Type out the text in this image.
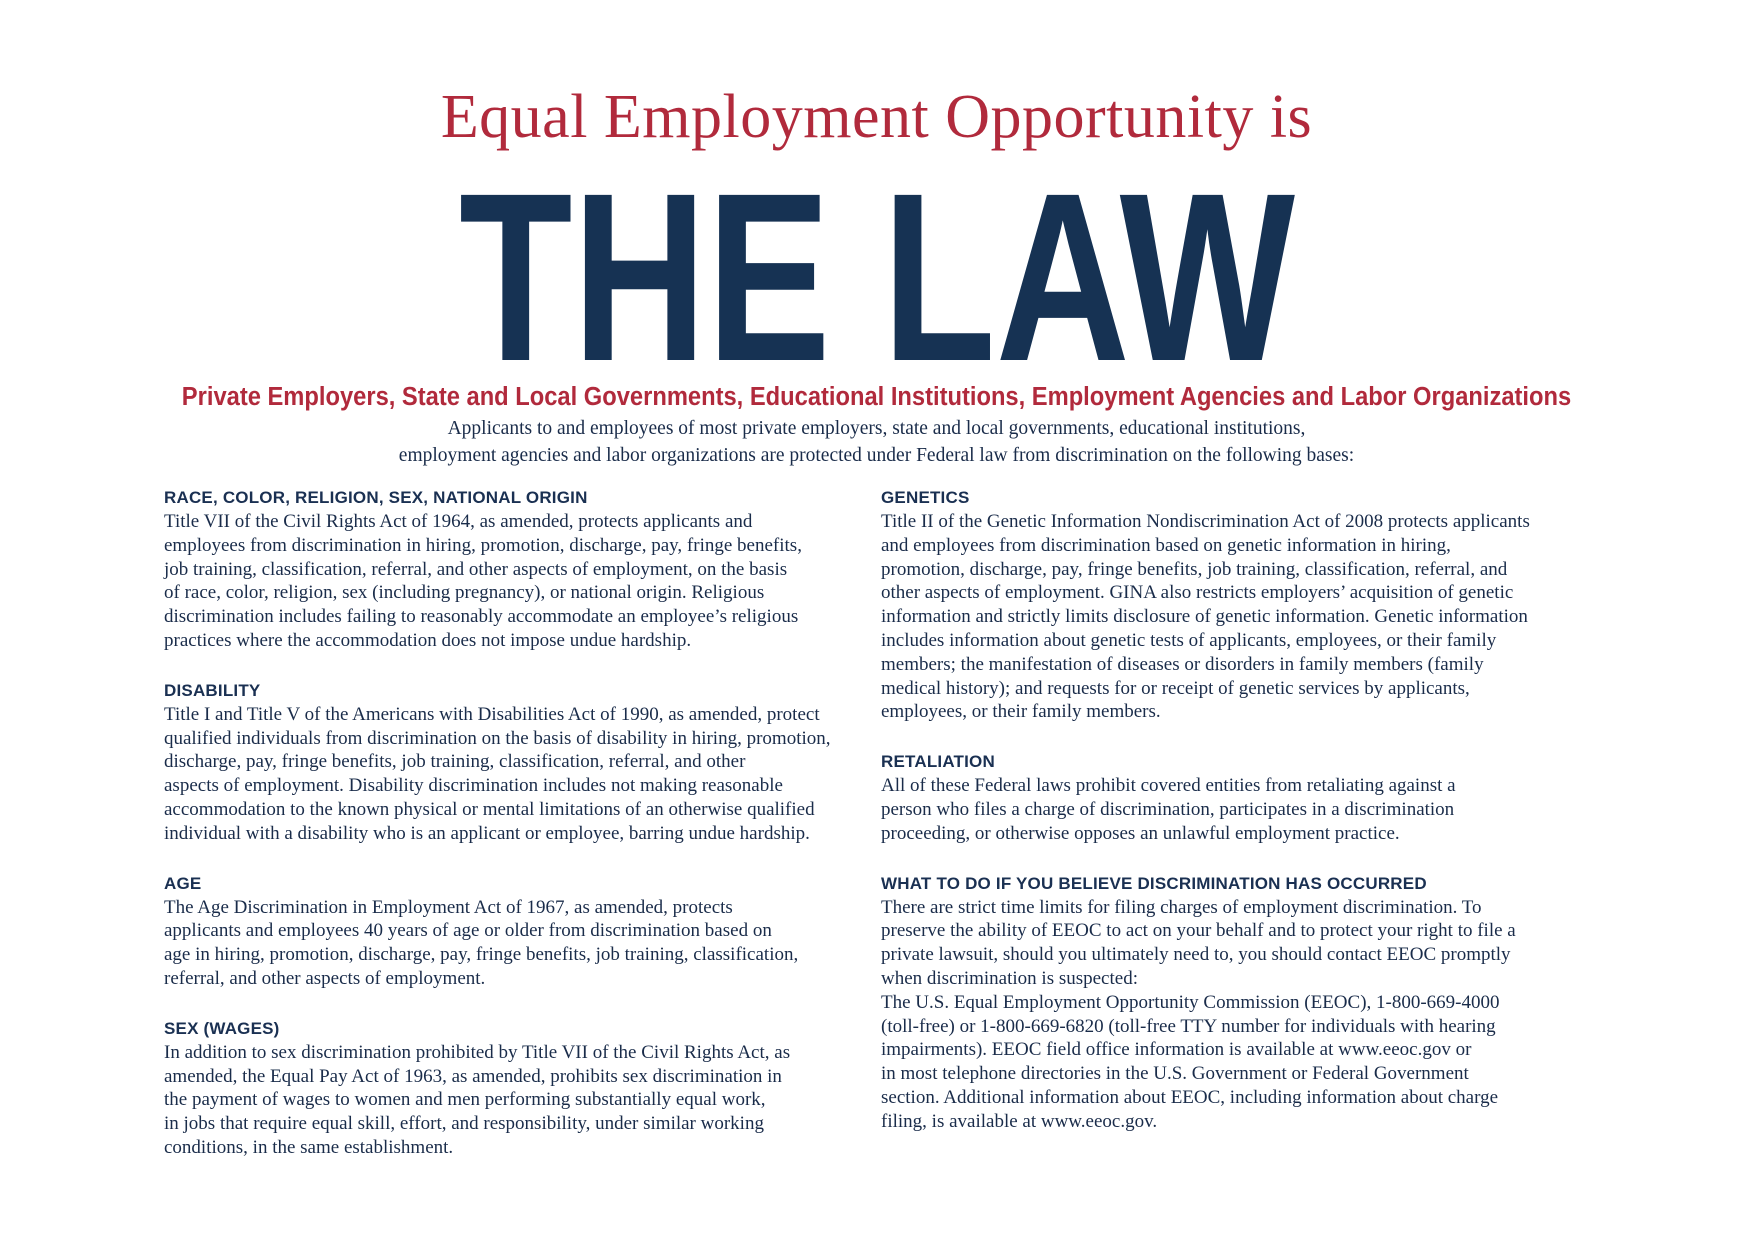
Equal Employment Opportunity is
THE LAW
Private Employers, State and Local Governments, Educational Institutions, Employment Agencies and Labor Organizations
Applicants to and employees of most private employers, state and local governments, educational institutions,
employment agencies and labor organizations are protected under Federal law from discrimination on the following bases:
RACE, COLOR, RELIGION, SEX, NATIONAL ORIGIN
Title VII of the Civil Rights Act of 1964, as amended, protects applicants and
employees from discrimination in hiring, promotion, discharge, pay, fringe benefits,
job training, classification, referral, and other aspects of employment, on the basis
of race, color, religion, sex (including pregnancy), or national origin. Religious
discrimination includes failing to reasonably accommodate an employee’s religious
practices where the accommodation does not impose undue hardship.
DISABILITY
Title I and Title V of the Americans with Disabilities Act of 1990, as amended, protect
qualified individuals from discrimination on the basis of disability in hiring, promotion,
discharge, pay, fringe benefits, job training, classification, referral, and other
aspects of employment. Disability discrimination includes not making reasonable
accommodation to the known physical or mental limitations of an otherwise qualified
individual with a disability who is an applicant or employee, barring undue hardship.
AGE
The Age Discrimination in Employment Act of 1967, as amended, protects
applicants and employees 40 years of age or older from discrimination based on
age in hiring, promotion, discharge, pay, fringe benefits, job training, classification,
referral, and other aspects of employment.
SEX (WAGES)
In addition to sex discrimination prohibited by Title VII of the Civil Rights Act, as
amended, the Equal Pay Act of 1963, as amended, prohibits sex discrimination in
the payment of wages to women and men performing substantially equal work,
in jobs that require equal skill, effort, and responsibility, under similar working
conditions, in the same establishment.
GENETICS
Title II of the Genetic Information Nondiscrimination Act of 2008 protects applicants
and employees from discrimination based on genetic information in hiring,
promotion, discharge, pay, fringe benefits, job training, classification, referral, and
other aspects of employment. GINA also restricts employers’ acquisition of genetic
information and strictly limits disclosure of genetic information. Genetic information
includes information about genetic tests of applicants, employees, or their family
members; the manifestation of diseases or disorders in family members (family
medical history); and requests for or receipt of genetic services by applicants,
employees, or their family members.
RETALIATION
All of these Federal laws prohibit covered entities from retaliating against a
person who files a charge of discrimination, participates in a discrimination
proceeding, or otherwise opposes an unlawful employment practice.
WHAT TO DO IF YOU BELIEVE DISCRIMINATION HAS OCCURRED
There are strict time limits for filing charges of employment discrimination. To
preserve the ability of EEOC to act on your behalf and to protect your right to file a
private lawsuit, should you ultimately need to, you should contact EEOC promptly
when discrimination is suspected:
The U.S. Equal Employment Opportunity Commission (EEOC), 1-800-669-4000
(toll-free) or 1-800-669-6820 (toll-free TTY number for individuals with hearing
impairments). EEOC field office information is available at www.eeoc.gov or
in most telephone directories in the U.S. Government or Federal Government
section. Additional information about EEOC, including information about charge
filing, is available at www.eeoc.gov.
